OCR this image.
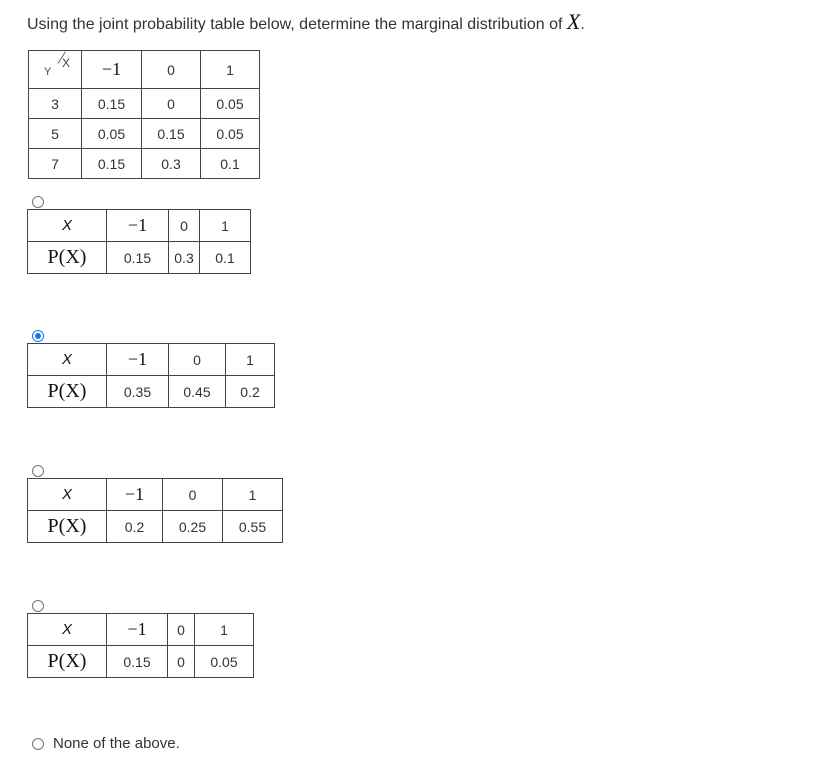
Using the joint probability table below, determine the marginal distribution of X.
Y
X	−1	0	1
3	0.15	0	0.05
5	0.05	0.15	0.05
7	0.15	0.3	0.1
X	−1	0	1
P(X)	0.15	0.3	0.1
X	−1	0	1
P(X)	0.35	0.45	0.2
X	−1	0	1
P(X)	0.2	0.25	0.55
X	−1	0	1
P(X)	0.15	0	0.05
None of the above.
